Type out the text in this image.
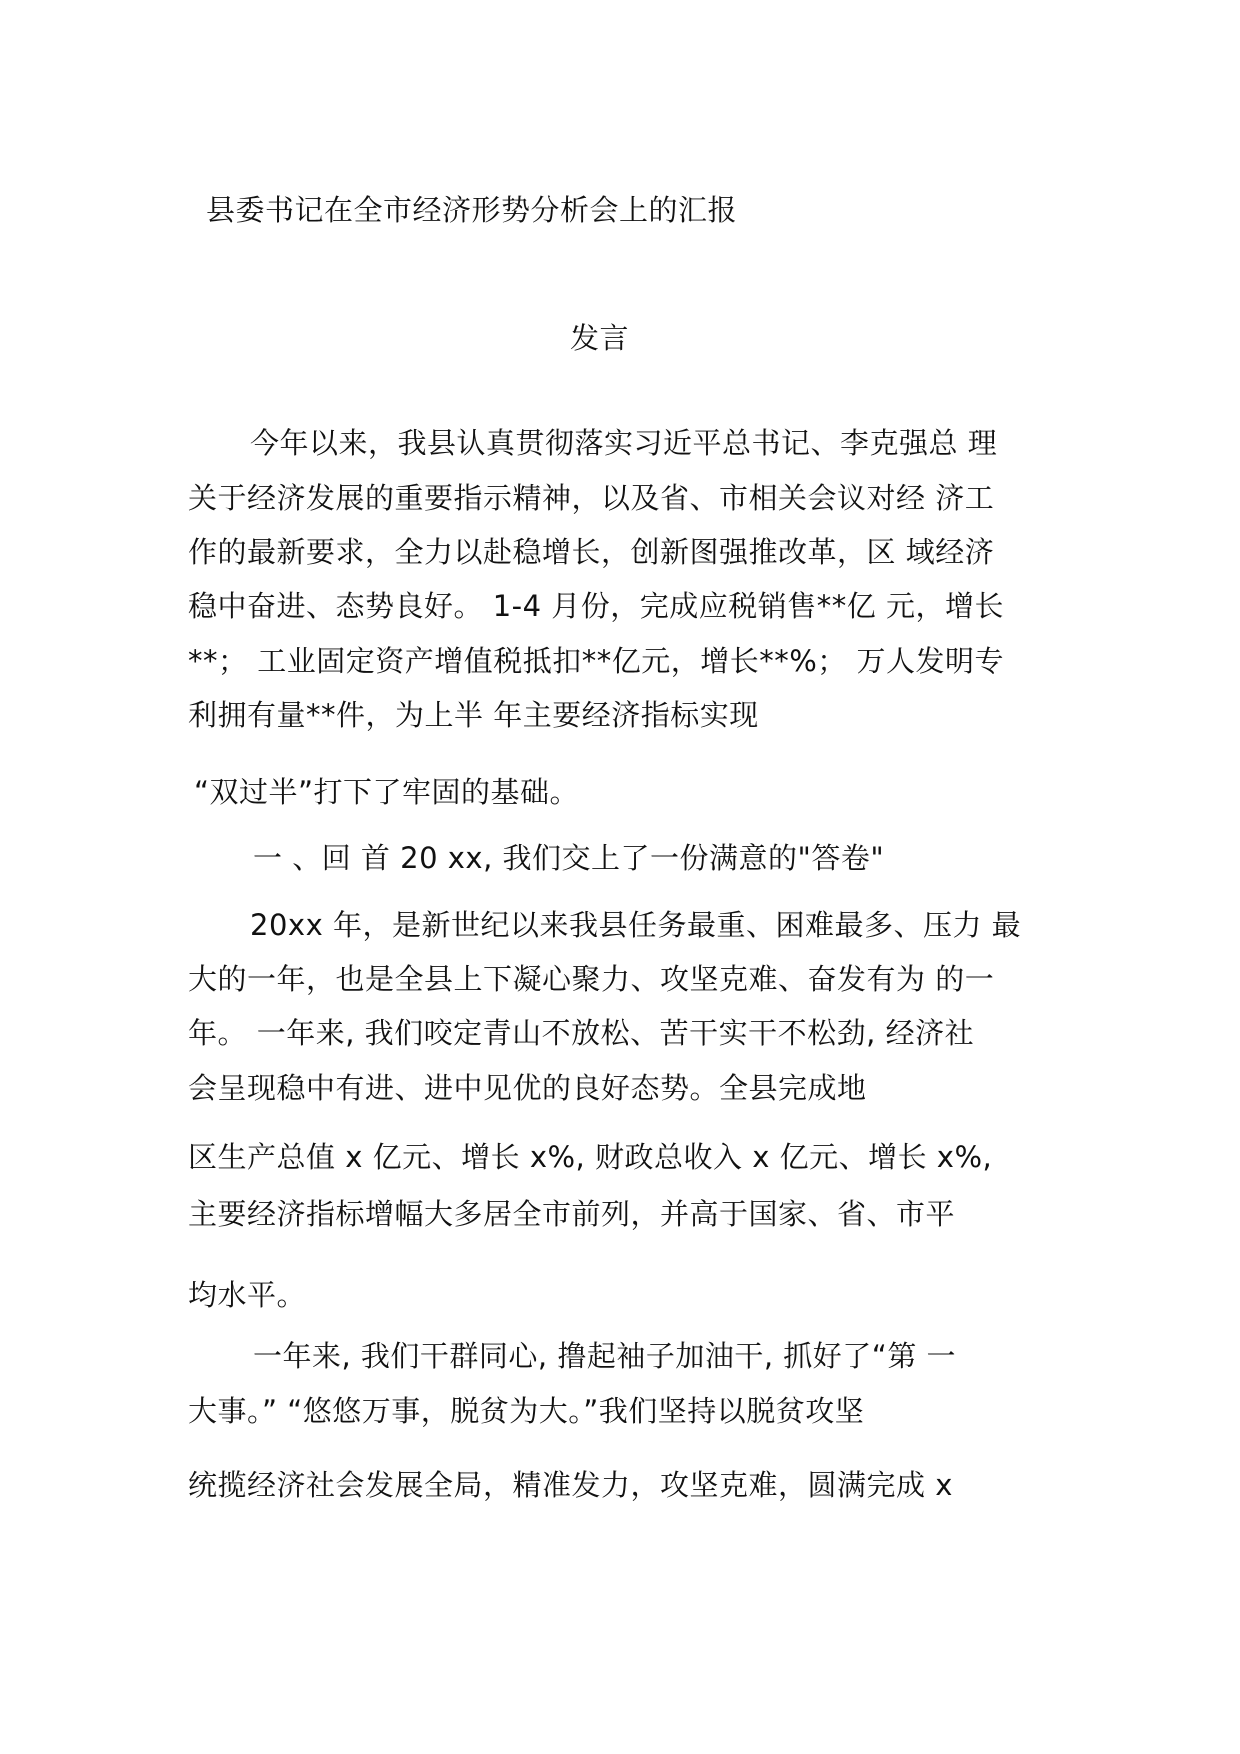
县委书记在全市经济形势分析会上的汇报
发言
今年以来，我县认真贯彻落实习近平总书记、李克强总 理
关于经济发展的重要指示精神，以及省、市相关会议对经 济工
作的最新要求，全力以赴稳增长，创新图强推改革，区 域经济
稳中奋进、态势良好。 1-4 月份，完成应税销售**亿 元，增长
**； 工业固定资产增值税抵扣**亿元，增长**%； 万人发明专
利拥有量**件，为上半 年主要经济指标实现
“双过半”打下了牢固的基础。
一 、回 首 20 xx, 我们交上了一份满意的"答卷"
20xx 年，是新世纪以来我县任务最重、困难最多、压力 最
大的一年，也是全县上下凝心聚力、攻坚克难、奋发有为 的一
年。 一年来, 我们咬定青山不放松、苦干实干不松劲, 经济社
会呈现稳中有进、进中见优的良好态势。全县完成地
区生产总值 x 亿元、增长 x%, 财政总收入 x 亿元、增长 x%,
主要经济指标增幅大多居全市前列，并高于国家、省、市平
均水平。
一年来, 我们干群同心, 撸起袖子加油干, 抓好了“第 一
大事。” “悠悠万事，脱贫为大。”我们坚持以脱贫攻坚
统揽经济社会发展全局，精准发力，攻坚克难，圆满完成 x
